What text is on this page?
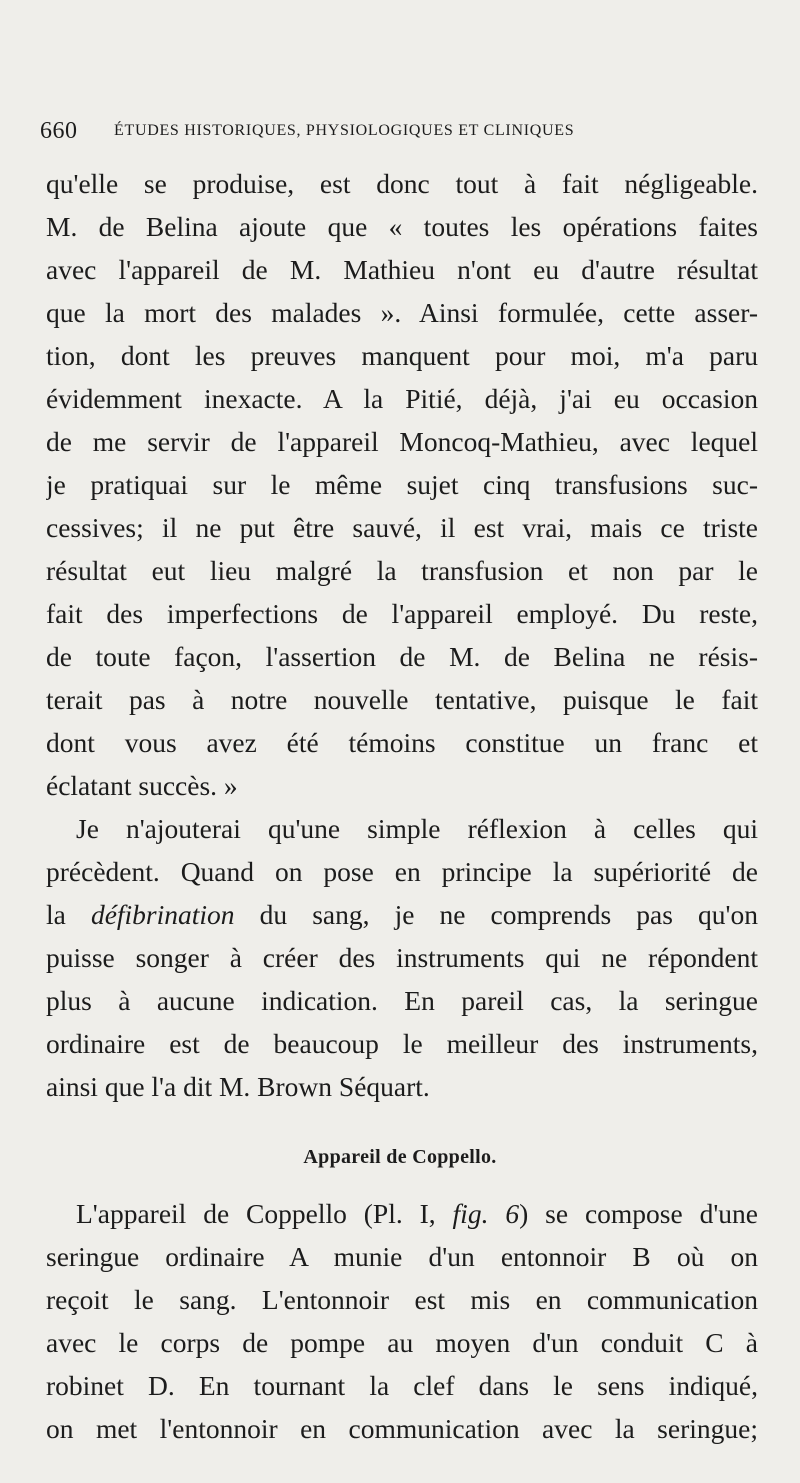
660 ÉTUDES HISTORIQUES, PHYSIOLOGIQUES ET CLINIQUES
qu'elle se produise, est donc tout à fait négligeable.
M. de Belina ajoute que « toutes les opérations faites
avec l'appareil de M. Mathieu n'ont eu d'autre résultat
que la mort des malades ». Ainsi formulée, cette asser-
tion, dont les preuves manquent pour moi, m'a paru
évidemment inexacte. A la Pitié, déjà, j'ai eu occasion
de me servir de l'appareil Moncoq-Mathieu, avec lequel
je pratiquai sur le même sujet cinq transfusions suc-
cessives; il ne put être sauvé, il est vrai, mais ce triste
résultat eut lieu malgré la transfusion et non par le
fait des imperfections de l'appareil employé. Du reste,
de toute façon, l'assertion de M. de Belina ne résis-
terait pas à notre nouvelle tentative, puisque le fait
dont vous avez été témoins constitue un franc et
éclatant succès. »
Je n'ajouterai qu'une simple réflexion à celles qui
précèdent. Quand on pose en principe la supériorité de
la défibrination du sang, je ne comprends pas qu'on
puisse songer à créer des instruments qui ne répondent
plus à aucune indication. En pareil cas, la seringue
ordinaire est de beaucoup le meilleur des instruments,
ainsi que l'a dit M. Brown Séquart.
Appareil de Coppello.
L'appareil de Coppello (Pl. I, fig. 6) se compose d'une
seringue ordinaire A munie d'un entonnoir B où on
reçoit le sang. L'entonnoir est mis en communication
avec le corps de pompe au moyen d'un conduit C à
robinet D. En tournant la clef dans le sens indiqué,
on met l'entonnoir en communication avec la seringue;
